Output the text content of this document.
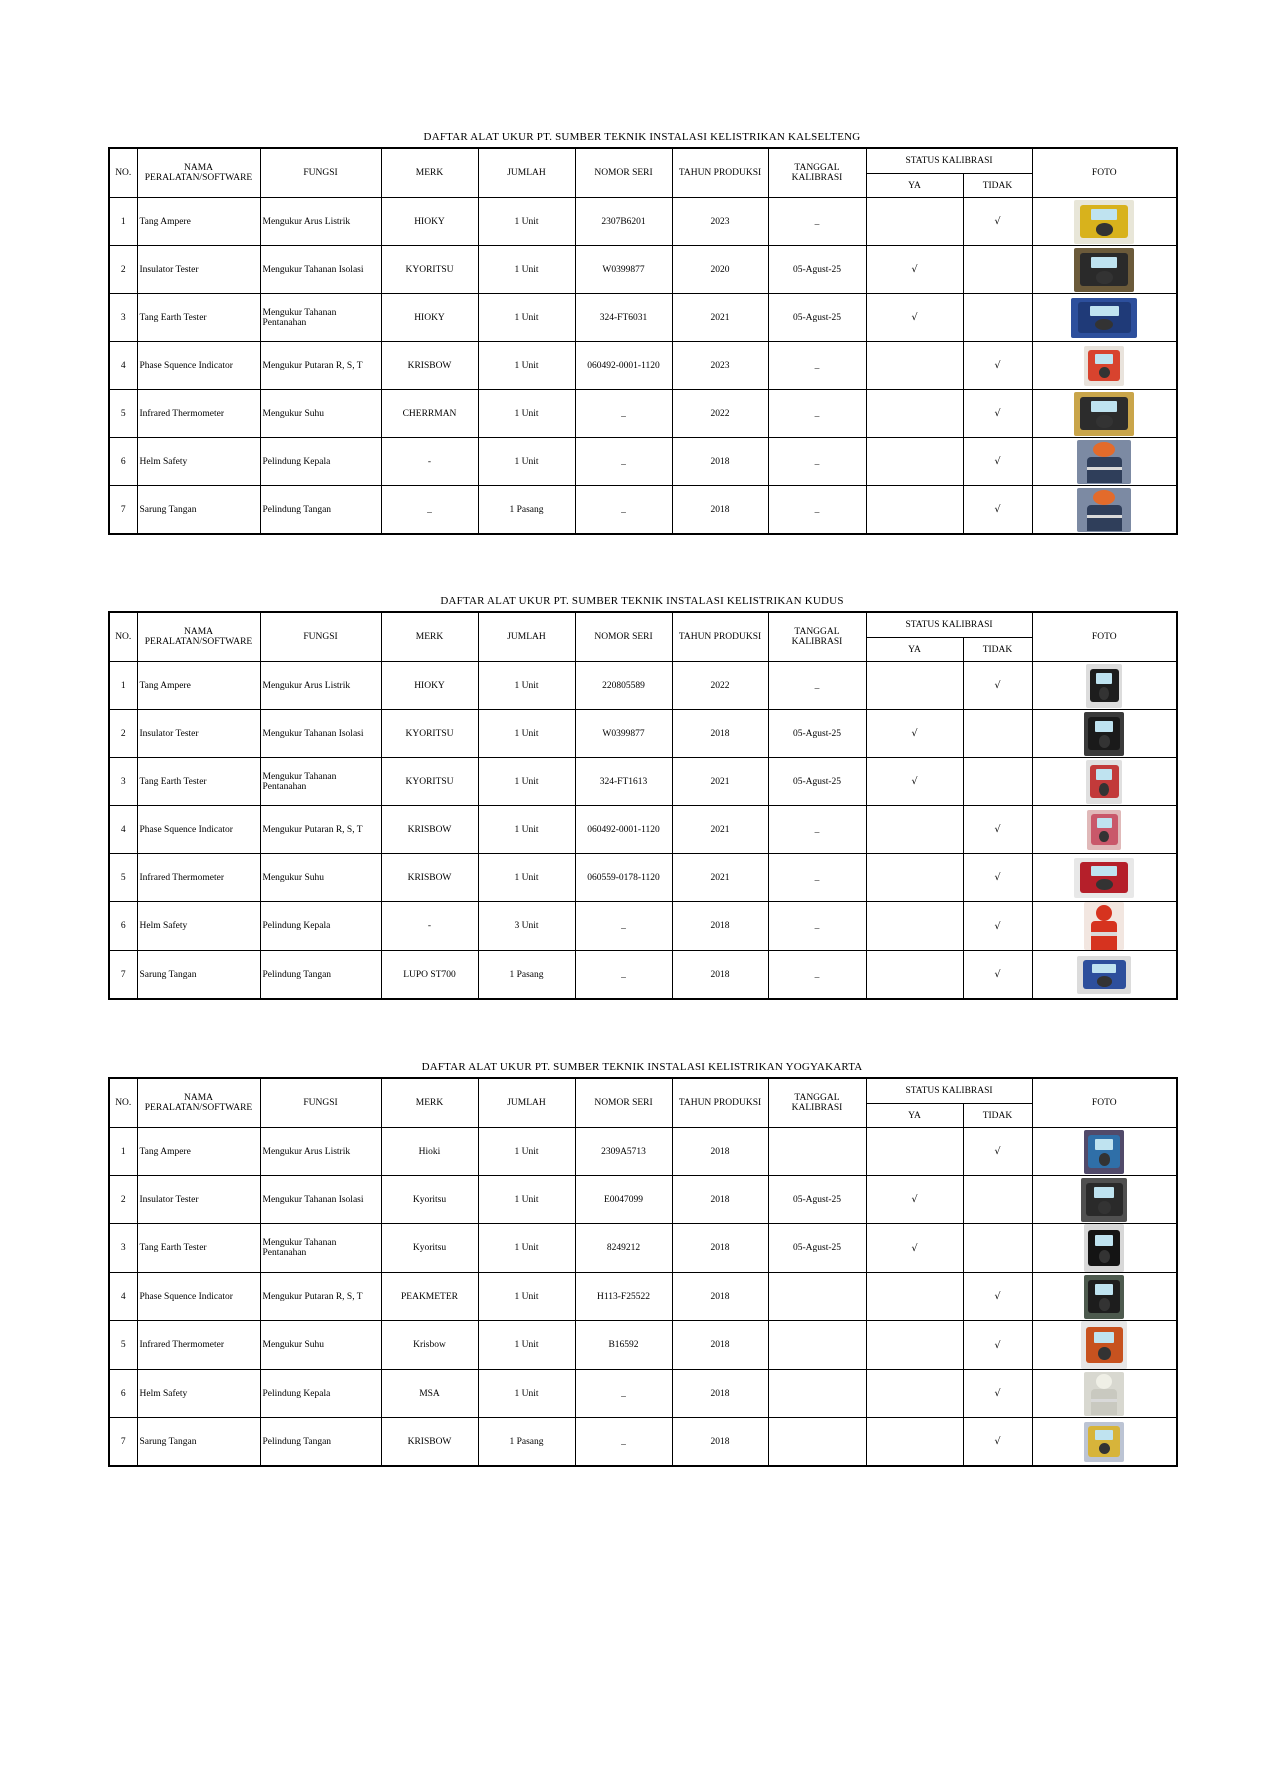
DAFTAR ALAT UKUR PT. SUMBER TEKNIK INSTALASI KELISTRIKAN KALSELTENG
NO.	NAMA PERALATAN/SOFTWARE	FUNGSI	MERK	JUMLAH	NOMOR SERI	TAHUN PRODUKSI	TANGGAL KALIBRASI	STATUS KALIBRASI		FOTO
								YA	TIDAK	
1	Tang Ampere	Mengukur Arus Listrik	HIOKY	1 Unit	2307B6201	2023	_		√	

2	Insulator Tester	Mengukur Tahanan Isolasi	KYORITSU	1 Unit	W0399877	2020	05-Agust-25	√		

3	Tang Earth Tester	Mengukur Tahanan Pentanahan	HIOKY	1 Unit	324-FT6031	2021	05-Agust-25	√		

4	Phase Squence Indicator	Mengukur Putaran R, S, T	KRISBOW	1 Unit	060492-0001-1120	2023	_		√	

5	Infrared Thermometer	Mengukur Suhu	CHERRMAN	1 Unit	_	2022	_		√	

6	Helm Safety	Pelindung Kepala	-	1 Unit	_	2018	_		√	

7	Sarung Tangan	Pelindung Tangan	_	1 Pasang	_	2018	_		√	
DAFTAR ALAT UKUR PT. SUMBER TEKNIK INSTALASI KELISTRIKAN KUDUS
NO.	NAMA PERALATAN/SOFTWARE	FUNGSI	MERK	JUMLAH	NOMOR SERI	TAHUN PRODUKSI	TANGGAL KALIBRASI	STATUS KALIBRASI		FOTO
								YA	TIDAK	
1	Tang Ampere	Mengukur Arus Listrik	HIOKY	1 Unit	220805589	2022	_		√	

2	Insulator Tester	Mengukur Tahanan Isolasi	KYORITSU	1 Unit	W0399877	2018	05-Agust-25	√		

3	Tang Earth Tester	Mengukur Tahanan Pentanahan	KYORITSU	1 Unit	324-FT1613	2021	05-Agust-25	√		

4	Phase Squence Indicator	Mengukur Putaran R, S, T	KRISBOW	1 Unit	060492-0001-1120	2021	_		√	

5	Infrared Thermometer	Mengukur Suhu	KRISBOW	1 Unit	060559-0178-1120	2021	_		√	

6	Helm Safety	Pelindung Kepala	-	3 Unit	_	2018	_		√	

7	Sarung Tangan	Pelindung Tangan	LUPO ST700	1 Pasang	_	2018	_		√	
DAFTAR ALAT UKUR PT. SUMBER TEKNIK INSTALASI KELISTRIKAN YOGYAKARTA
NO.	NAMA PERALATAN/SOFTWARE	FUNGSI	MERK	JUMLAH	NOMOR SERI	TAHUN PRODUKSI	TANGGAL KALIBRASI	STATUS KALIBRASI		FOTO
								YA	TIDAK	
1	Tang Ampere	Mengukur Arus Listrik	Hioki	1 Unit	2309A5713	2018			√	

2	Insulator Tester	Mengukur Tahanan Isolasi	Kyoritsu	1 Unit	E0047099	2018	05-Agust-25	√		

3	Tang Earth Tester	Mengukur Tahanan Pentanahan	Kyoritsu	1 Unit	8249212	2018	05-Agust-25	√		

4	Phase Squence Indicator	Mengukur Putaran R, S, T	PEAKMETER	1 Unit	H113-F25522	2018			√	

5	Infrared Thermometer	Mengukur Suhu	Krisbow	1 Unit	B16592	2018			√	

6	Helm Safety	Pelindung Kepala	MSA	1 Unit	_	2018			√	

7	Sarung Tangan	Pelindung Tangan	KRISBOW	1 Pasang	_	2018			√	
